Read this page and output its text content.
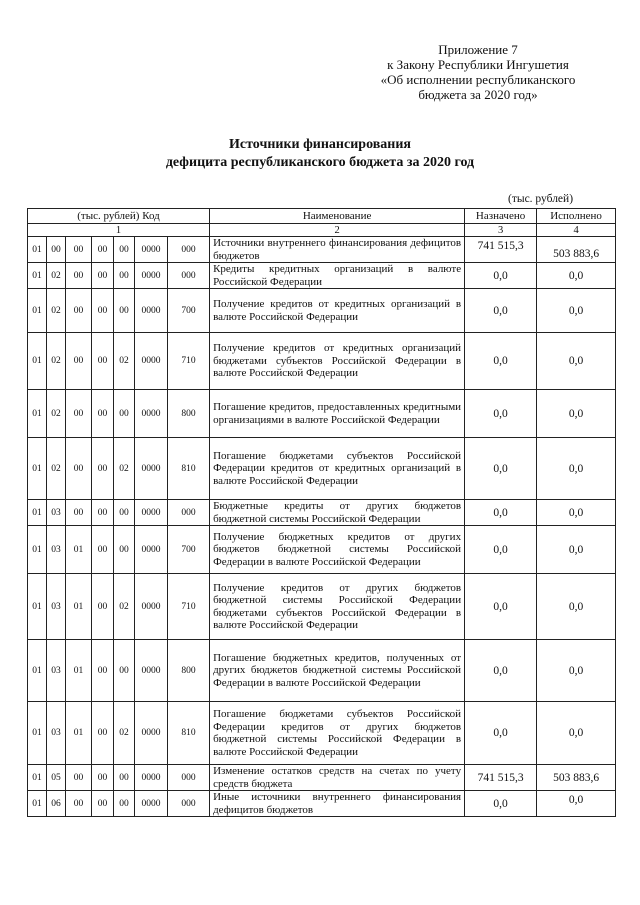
Приложение 7
к Закону Республики Ингушетия
«Об исполнении республиканского
бюджета за 2020 год»
Источники финансирования
дефицита республиканского бюджета за 2020 год
(тыс. рублей)
(тыс. рублей) Код							Наименование	Назначено	Исполнено
1							2	3	4
01	00	00	00	00	0000	000	Источники внутреннего финансирования дефицитов бюджетов	741 515,3	503 883,6

01	02	00	00	00	0000	000	Кредиты кредитных организаций в валюте Российской Федерации	0,0	0,0
01	02	00	00	00	0000	700	Получение кредитов от кредитных организаций в валюте Российской Федерации	0,0	0,0
01	02	00	00	02	0000	710	Получение кредитов от кредитных организаций бюджетами субъектов Российской Федерации в валюте Российской Федерации	0,0	0,0
01	02	00	00	00	0000	800	Погашение кредитов, предоставленных кредитными организациями в валюте Российской Федерации	0,0	0,0
01	02	00	00	02	0000	810	Погашение бюджетами субъектов Российской Федерации кредитов от кредитных организаций в валюте Российской Федерации	0,0	0,0
01	03	00	00	00	0000	000	Бюджетные кредиты от других бюджетов бюджетной системы Российской Федерации	0,0	0,0
01	03	01	00	00	0000	700	Получение бюджетных кредитов от других бюджетов бюджетной системы Российской Федерации в валюте Российской Федерации	0,0	0,0
01	03	01	00	02	0000	710	Получение кредитов от других бюджетов бюджетной системы Российской Федерации бюджетами субъектов Российской Федерации в валюте Российской Федерации	0,0	0,0
01	03	01	00	00	0000	800	Погашение бюджетных кредитов, полученных от других бюджетов бюджетной системы Российской Федерации в валюте Российской Федерации	0,0	0,0
01	03	01	00	02	0000	810	Погашение бюджетами субъектов Российской Федерации кредитов от других бюджетов бюджетной системы Российской Федерации в валюте Российской Федерации	0,0	0,0
01	05	00	00	00	0000	000	Изменение остатков средств на счетах по учету средств бюджета	741 515,3	503 883,6
01	06	00	00	00	0000	000	Иные источники внутреннего финансирования дефицитов бюджетов	0,0	0,0
